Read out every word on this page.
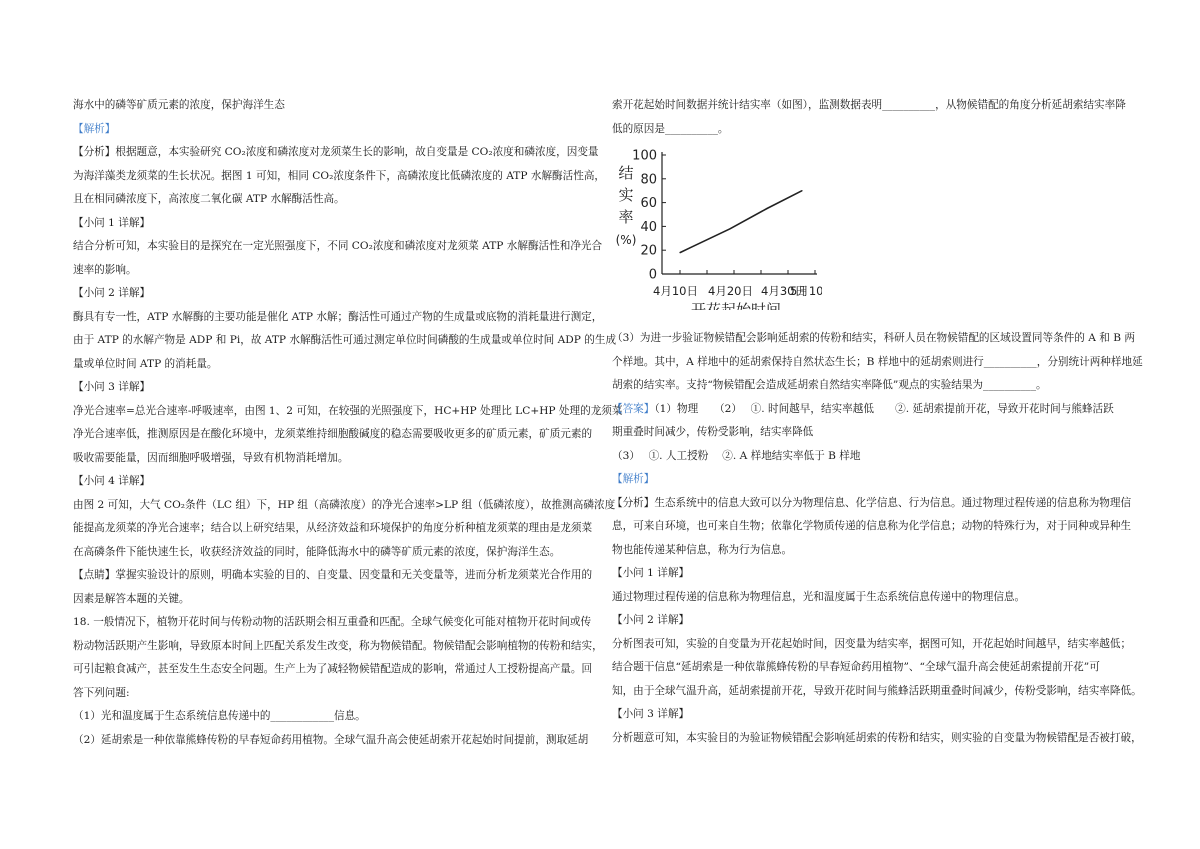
海水中的磷等矿质元素的浓度，保护海洋生态
【解析】
【分析】根据题意，本实验研究 CO₂浓度和磷浓度对龙须菜生长的影响，故自变量是 CO₂浓度和磷浓度，因变量
为海洋藻类龙须菜的生长状况。据图 1 可知，相同 CO₂浓度条件下，高磷浓度比低磷浓度的 ATP 水解酶活性高，
且在相同磷浓度下，高浓度二氧化碳 ATP 水解酶活性高。
【小问 1 详解】
结合分析可知，本实验目的是探究在一定光照强度下，不同 CO₂浓度和磷浓度对龙须菜 ATP 水解酶活性和净光合
速率的影响。
【小问 2 详解】
酶具有专一性，ATP 水解酶的主要功能是催化 ATP 水解；酶活性可通过产物的生成量或底物的消耗量进行测定，
由于 ATP 的水解产物是 ADP 和 Pi，故 ATP 水解酶活性可通过测定单位时间磷酸的生成量或单位时间 ADP 的生成
量或单位时间 ATP 的消耗量。
【小问 3 详解】
净光合速率=总光合速率-呼吸速率，由图 1、2 可知，在较强的光照强度下，HC+HP 处理比 LC+HP 处理的龙须菜
净光合速率低，推测原因是在酸化环境中，龙须菜维持细胞酸碱度的稳态需要吸收更多的矿质元素，矿质元素的
吸收需要能量，因而细胞呼吸增强，导致有机物消耗增加。
【小问 4 详解】
由图 2 可知，大气 CO₂条件（LC 组）下，HP 组（高磷浓度）的净光合速率>LP 组（低磷浓度），故推测高磷浓度
能提高龙须菜的净光合速率；结合以上研究结果，从经济效益和环境保护的角度分析种植龙须菜的理由是龙须菜
在高磷条件下能快速生长，收获经济效益的同时，能降低海水中的磷等矿质元素的浓度，保护海洋生态。
【点睛】掌握实验设计的原则，明确本实验的目的、自变量、因变量和无关变量等，进而分析龙须菜光合作用的
因素是解答本题的关键。
18. 一般情况下，植物开花时间与传粉动物的活跃期会相互重叠和匹配。全球气候变化可能对植物开花时间或传
粉动物活跃期产生影响，导致原本时间上匹配关系发生改变，称为物候错配。物候错配会影响植物的传粉和结实，
可引起粮食减产，甚至发生生态安全问题。生产上为了减轻物候错配造成的影响，常通过人工授粉提高产量。回
答下列问题:
（1）光和温度属于生态系统信息传递中的____________信息。
（2）延胡索是一种依靠熊蜂传粉的早春短命药用植物。全球气温升高会使延胡索开花起始时间提前，测取延胡
索开花起始时间数据并统计结实率（如图），监测数据表明__________，从物候错配的角度分析延胡索结实率降
低的原因是__________。
（3）为进一步验证物候错配会影响延胡索的传粉和结实，科研人员在物候错配的区域设置同等条件的 A 和 B 两
个样地。其中，A 样地中的延胡索保持自然状态生长；B 样地中的延胡索则进行__________，分别统计两种样地延
胡索的结实率。支持“物候错配会造成延胡索自然结实率降低”观点的实验结果为__________。
【答案】（1）物理　　（2）　 ①. 时间越早，结实率越低　　②. 延胡索提前开花，导致开花时间与熊蜂活跃
期重叠时间减少，传粉受影响，结实率降低
（3）　 ①. 人工授粉　 ②. A 样地结实率低于 B 样地
【解析】
【分析】生态系统中的信息大致可以分为物理信息、化学信息、行为信息。通过物理过程传递的信息称为物理信
息，可来自环境，也可来自生物；依靠化学物质传递的信息称为化学信息；动物的特殊行为，对于同种或异种生
物也能传递某种信息，称为行为信息。
【小问 1 详解】
通过物理过程传递的信息称为物理信息，光和温度属于生态系统信息传递中的物理信息。
【小问 2 详解】
分析图表可知，实验的自变量为开花起始时间，因变量为结实率，据图可知，开花起始时间越早，结实率越低；
结合题干信息“延胡索是一种依靠熊蜂传粉的早春短命药用植物”、“全球气温升高会使延胡索提前开花”可
知，由于全球气温升高，延胡索提前开花，导致开花时间与熊蜂活跃期重叠时间减少，传粉受影响，结实率降低。
【小问 3 详解】
分析题意可知，本实验目的为验证物候错配会影响延胡索的传粉和结实，则实验的自变量为物候错配是否被打破，
0
20
40
60
80
100
4月10日 4月20日 4月30日
5月10
开花起始时间
结
实
率
(%)
